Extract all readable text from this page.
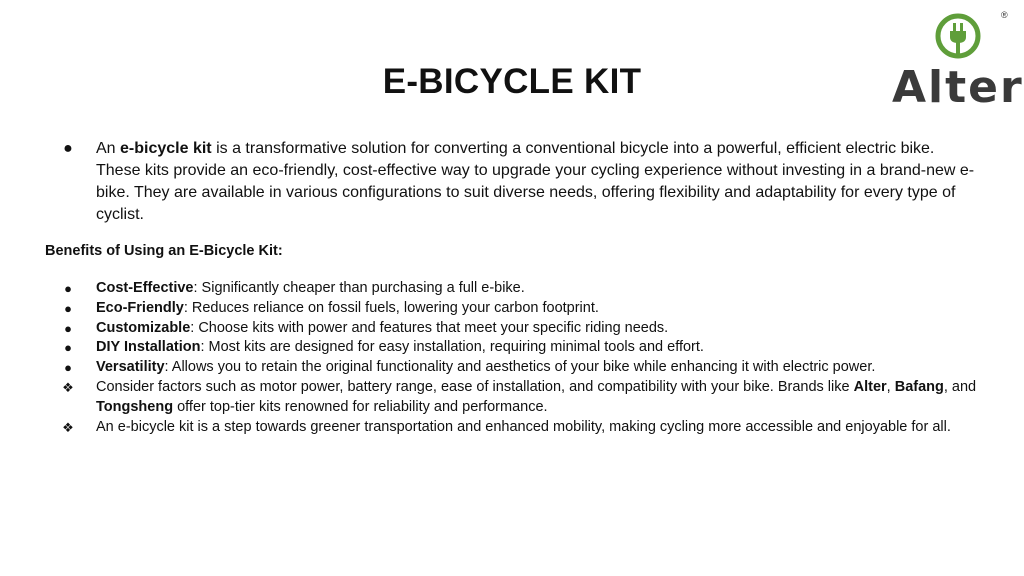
E-BICYCLE KIT
®
Alter
● An e-bicycle kit is a transformative solution for converting a conventional bicycle into a powerful, efficient electric bike. These kits provide an eco-friendly, cost-effective way to upgrade your cycling experience without investing in a brand-new e-bike. They are available in various configurations to suit diverse needs, offering flexibility and adaptability for every type of cyclist.
Benefits of Using an E-Bicycle Kit:
● Cost-Effective: Significantly cheaper than purchasing a full e-bike.
● Eco-Friendly: Reduces reliance on fossil fuels, lowering your carbon footprint.
● Customizable: Choose kits with power and features that meet your specific riding needs.
● DIY Installation: Most kits are designed for easy installation, requiring minimal tools and effort.
● Versatility: Allows you to retain the original functionality and aesthetics of your bike while enhancing it with electric power.
❖ Consider factors such as motor power, battery range, ease of installation, and compatibility with your bike. Brands like Alter, Bafang, and Tongsheng offer top-tier kits renowned for reliability and performance.
❖ An e-bicycle kit is a step towards greener transportation and enhanced mobility, making cycling more accessible and enjoyable for all.
